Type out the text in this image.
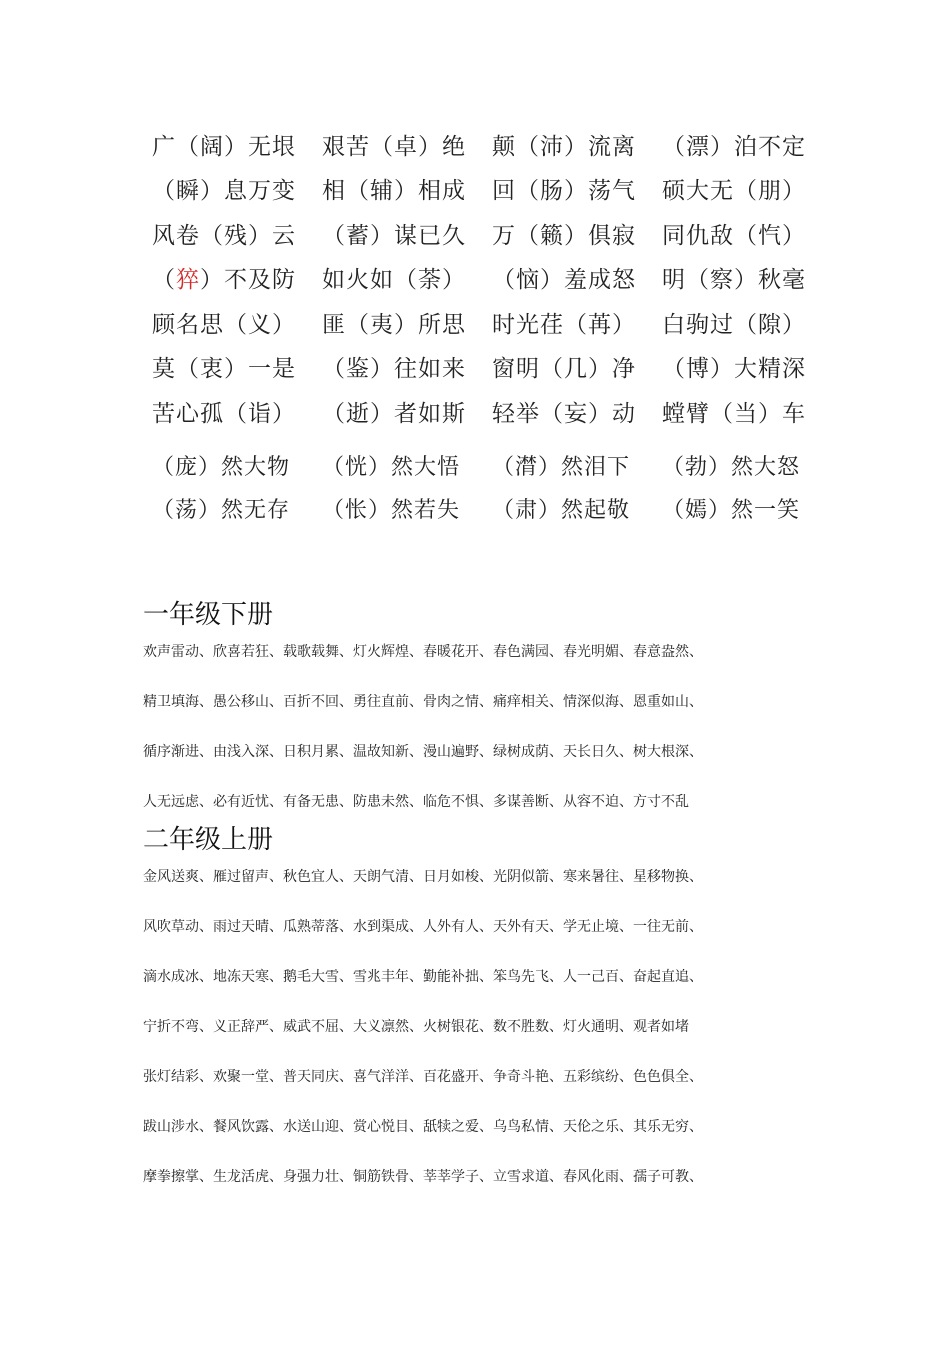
广（阔）无垠	艰苦（卓）绝	颠（沛）流离	（漂）泊不定
（瞬）息万变	相（辅）相成	回（肠）荡气	硕大无（朋）
风卷（残）云	（蓄）谋已久	万（籁）俱寂	同仇敌（忾）
（猝）不及防	如火如（荼）	（恼）羞成怒	明（察）秋毫
顾名思（义）	匪（夷）所思	时光荏（苒）	白驹过（隙）
莫（衷）一是	（鉴）往如来	窗明（几）净	（博）大精深
苦心孤（诣）	（逝）者如斯	轻举（妄）动	螳臂（当）车
（庞）然大物	（恍）然大悟	（潸）然泪下	（勃）然大怒
（荡）然无存	（怅）然若失	（肃）然起敬	（嫣）然一笑
一年级下册
欢声雷动、欣喜若狂、载歌载舞、灯火辉煌、春暖花开、春色满园、春光明媚、春意盎然、
精卫填海、愚公移山、百折不回、勇往直前、骨肉之情、痛痒相关、情深似海、恩重如山、
循序渐进、由浅入深、日积月累、温故知新、漫山遍野、绿树成荫、天长日久、树大根深、
人无远虑、必有近忧、有备无患、防患未然、临危不惧、多谋善断、从容不迫、方寸不乱
二年级上册
金风送爽、雁过留声、秋色宜人、天朗气清、日月如梭、光阴似箭、寒来暑往、星移物换、
风吹草动、雨过天晴、瓜熟蒂落、水到渠成、人外有人、天外有天、学无止境、一往无前、
滴水成冰、地冻天寒、鹅毛大雪、雪兆丰年、勤能补拙、笨鸟先飞、人一己百、奋起直追、
宁折不弯、义正辞严、威武不屈、大义凛然、火树银花、数不胜数、灯火通明、观者如堵
张灯结彩、欢聚一堂、普天同庆、喜气洋洋、百花盛开、争奇斗艳、五彩缤纷、色色俱全、
跋山涉水、餐风饮露、水送山迎、赏心悦目、舐犊之爱、乌鸟私情、天伦之乐、其乐无穷、
摩拳擦掌、生龙活虎、身强力壮、铜筋铁骨、莘莘学子、立雪求道、春风化雨、孺子可教、
